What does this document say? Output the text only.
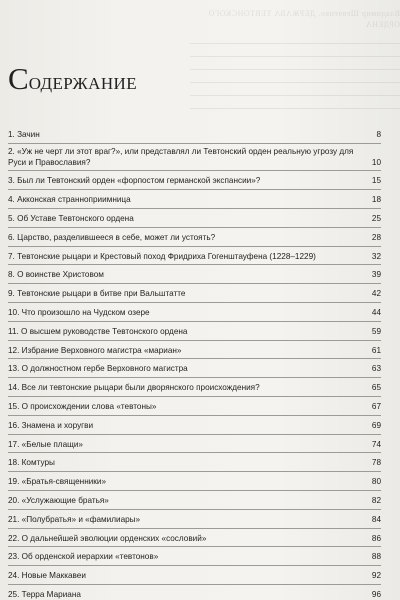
Владимир Шевченко. ДЕРЖАВА ТЕВТОНСКОГО ОРДЕНА
СОДЕРЖАНИЕ
1. Зачин	8
2. «Уж не черт ли этот враг?», или представлял ли Тевтонский орден реальную угрозу для Руси и Православия?	10
3. Был ли Тевтонский орден «форпостом германской экспансии»?	15
4. Акконская странноприимница	18
5. Об Уставе Тевтонского ордена	25
6. Царство, разделившееся в себе, может ли устоять?	28
7. Тевтонские рыцари и Крестовый поход Фридриха Гогенштауфена (1228–1229)	32
8. О воинстве Христовом	39
9. Тевтонские рыцари в битве при Вальштатте	42
10. Что произошло на Чудском озере	44
11. О высшем руководстве Тевтонского ордена	59
12. Избрание Верховного магистра «мариан»	61
13. О должностном гербе Верховного магистра	63
14. Все ли тевтонские рыцари были дворянского происхождения?	65
15. О происхождении слова «тевтоны»	67
16. Знамена и хоругви	69
17. «Белые плащи»	74
18. Комтуры	78
19. «Братья-священники»	80
20. «Услужающие братья»	82
21. «Полубратья» и «фамилиары»	84
22. О дальнейшей эволюции орденских «сословий»	86
23. Об орденской иерархии «тевтонов»	88
24. Новые Маккавеи	92
25. Терра Мариана	96
